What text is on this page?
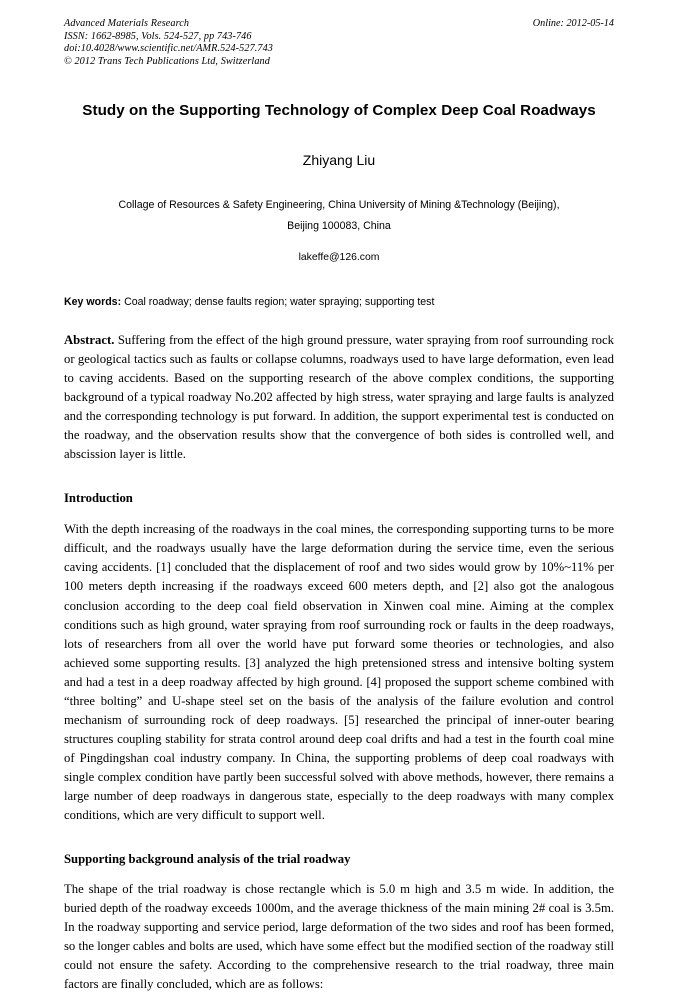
Advanced Materials Research
ISSN: 1662-8985, Vols. 524-527, pp 743-746
doi:10.4028/www.scientific.net/AMR.524-527.743
© 2012 Trans Tech Publications Ltd, Switzerland
Online: 2012-05-14
Study on the Supporting Technology of Complex Deep Coal Roadways
Zhiyang Liu
Collage of Resources & Safety Engineering, China University of Mining &Technology (Beijing),
Beijing 100083, China
lakeffe@126.com

Key words: Coal roadway; dense faults region; water spraying; supporting test

Abstract. Suffering from the effect of the high ground pressure, water spraying from roof surrounding rock or geological tactics such as faults or collapse columns, roadways used to have large deformation, even lead to caving accidents. Based on the supporting research of the above complex conditions, the supporting background of a typical roadway No.202 affected by high stress, water spraying and large faults is analyzed and the corresponding technology is put forward. In addition, the support experimental test is conducted on the roadway, and the observation results show that the convergence of both sides is controlled well, and abscission layer is little.

Introduction

With the depth increasing of the roadways in the coal mines, the corresponding supporting turns to be more difficult, and the roadways usually have the large deformation during the service time, even the serious caving accidents. [1] concluded that the displacement of roof and two sides would grow by 10%~11% per 100 meters depth increasing if the roadways exceed 600 meters depth, and [2] also got the analogous conclusion according to the deep coal field observation in Xinwen coal mine. Aiming at the complex conditions such as high ground, water spraying from roof surrounding rock or faults in the deep roadways, lots of researchers from all over the world have put forward some theories or technologies, and also achieved some supporting results. [3] analyzed the high pretensioned stress and intensive bolting system and had a test in a deep roadway affected by high ground. [4] proposed the support scheme combined with “three bolting” and U-shape steel set on the basis of the analysis of the failure evolution and control mechanism of surrounding rock of deep roadways. [5] researched the principal of inner-outer bearing structures coupling stability for strata control around deep coal drifts and had a test in the fourth coal mine of Pingdingshan coal industry company. In China, the supporting problems of deep coal roadways with single complex condition have partly been successful solved with above methods, however, there remains a large number of deep roadways in dangerous state, especially to the deep roadways with many complex conditions, which are very difficult to support well.

Supporting background analysis of the trial roadway

The shape of the trial roadway is chose rectangle which is 5.0 m high and 3.5 m wide. In addition, the buried depth of the roadway exceeds 1000m, and the average thickness of the main mining 2# coal is 3.5m. In the roadway supporting and service period, large deformation of the two sides and roof has been formed, so the longer cables and bolts are used, which have some effect but the modified section of the roadway still could not ensure the safety. According to the comprehensive research to the trial roadway, three main factors are finally concluded, which are as follows:
